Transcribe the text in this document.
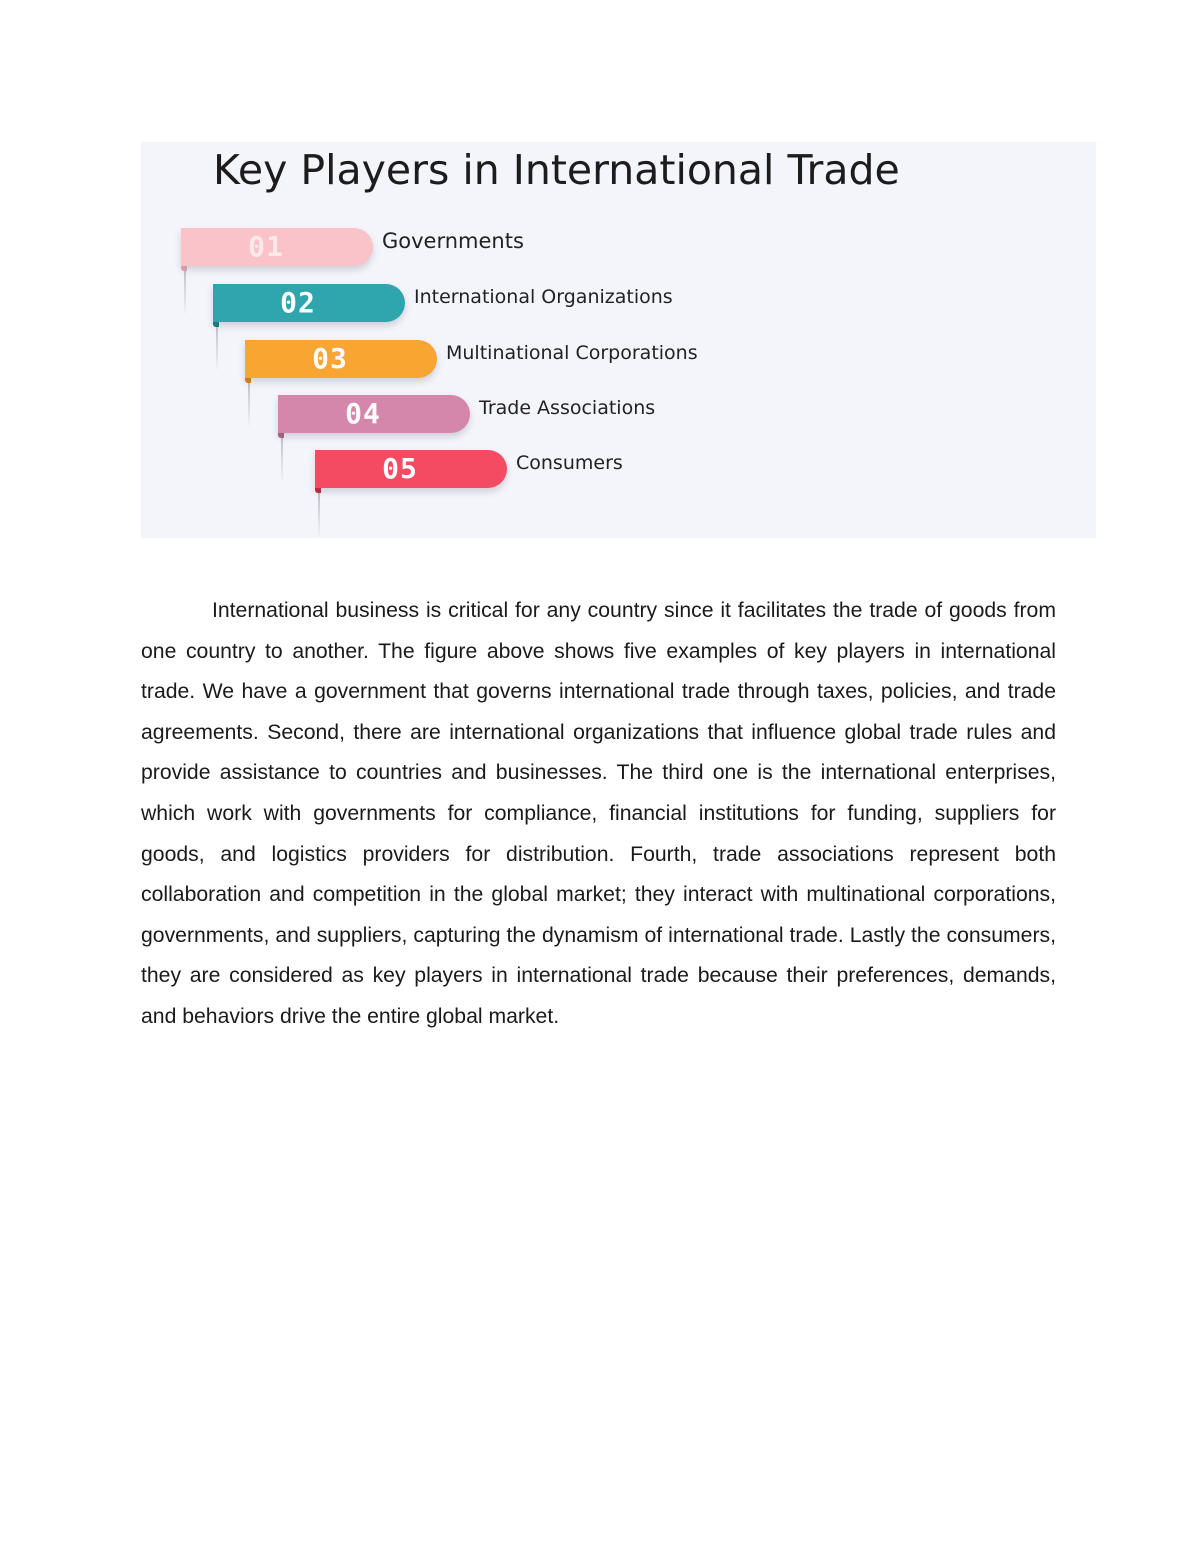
Key Players in International Trade
01	Governments
02	International Organizations
03	Multinational Corporations
04	Trade Associations
05	Consumers

International business is critical for any country since it facilitates the trade of goods from one country to another. The figure above shows five examples of key players in international trade. We have a government that governs international trade through taxes, policies, and trade agreements. Second, there are international organizations that influence global trade rules and provide assistance to countries and businesses. The third one is the international enterprises, which work with governments for compliance, financial institutions for funding, suppliers for goods, and logistics providers for distribution. Fourth, trade associations represent both collaboration and competition in the global market; they interact with multinational corporations, governments, and suppliers, capturing the dynamism of international trade. Lastly the consumers, they are considered as key players in international trade because their preferences, demands, and behaviors drive the entire global market.
